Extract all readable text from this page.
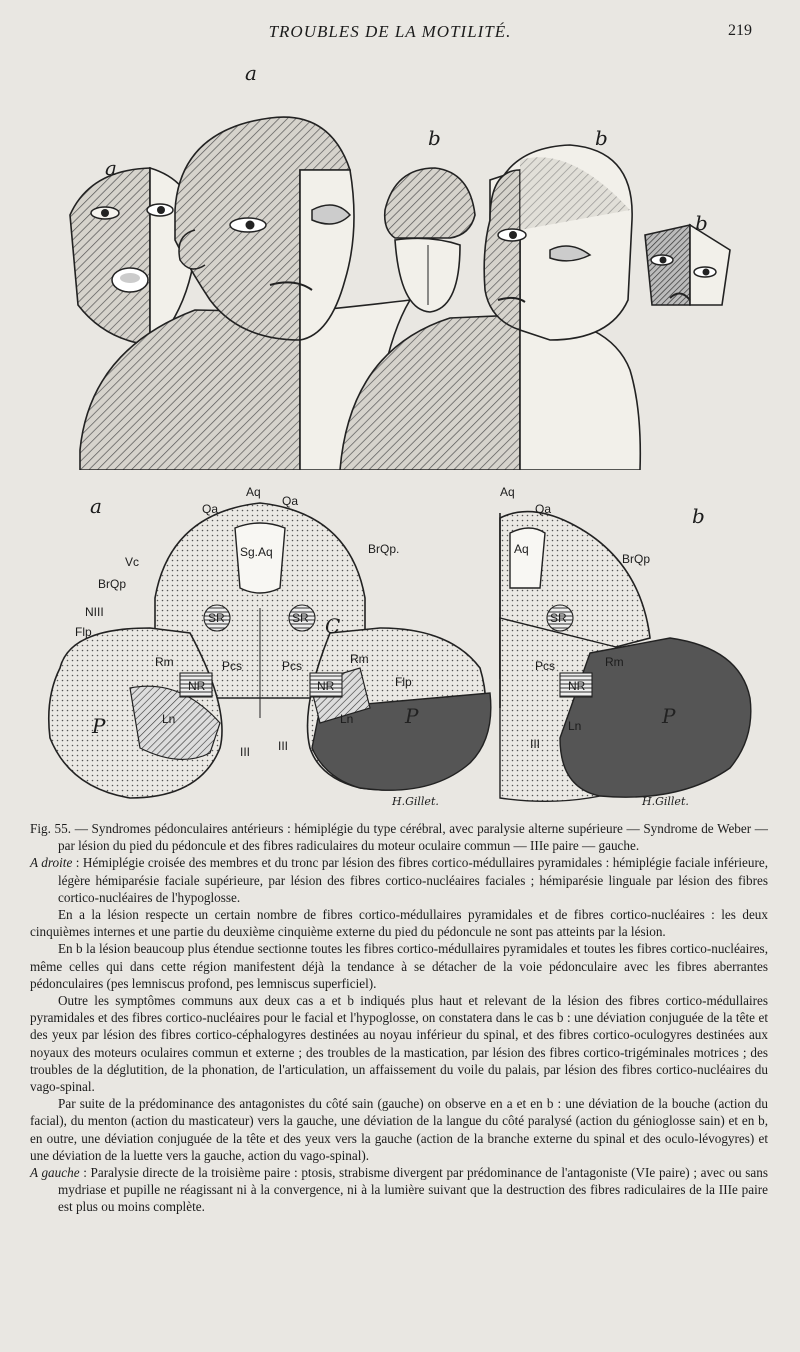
TROUBLES DE LA MOTILITÉ.	219
a
a
b	b
b
a	b
Aq
Qa
Qa
Sg.Aq	BrQp.
Vc
BrQp
NIII
Flp
SR	SR C
Rm	Pcs	Pcs	Rm
NR	NR	Flp
P	Ln	Ln	P
III III
H.Gillet.
Aq
Qa
Aq
BrQp
SR
Pcs	Rm
NR
Ln	P
III
H.Gillet.

Fig. 55. — Syndromes pédonculaires antérieurs : hémiplégie du type cérébral, avec paralysie alterne supérieure — Syndrome de Weber — par lésion du pied du pédoncule et des fibres radiculaires du moteur oculaire commun — IIIe paire — gauche.

A droite : Hémiplégie croisée des membres et du tronc par lésion des fibres cortico-médullaires pyramidales : hémiplégie faciale inférieure, légère hémiparésie faciale supérieure, par lésion des fibres cortico-nucléaires faciales ; hémiparésie linguale par lésion des fibres cortico-nucléaires de l'hypoglosse.

En a la lésion respecte un certain nombre de fibres cortico-médullaires pyramidales et de fibres cortico-nucléaires : les deux cinquièmes internes et une partie du deuxième cinquième externe du pied du pédoncule ne sont pas atteints par la lésion.

En b la lésion beaucoup plus étendue sectionne toutes les fibres cortico-médullaires pyramidales et toutes les fibres cortico-nucléaires, même celles qui dans cette région manifestent déjà la tendance à se détacher de la voie pédonculaire avec les fibres aberrantes pédonculaires (pes lemniscus profond, pes lemniscus superficiel).

Outre les symptômes communs aux deux cas a et b indiqués plus haut et relevant de la lésion des fibres cortico-médullaires pyramidales et des fibres cortico-nucléaires pour le facial et l'hypoglosse, on constatera dans le cas b : une déviation conjuguée de la tête et des yeux par lésion des fibres cortico-céphalogyres destinées au noyau inférieur du spinal, et des fibres cortico-oculogyres destinées aux noyaux des moteurs oculaires commun et externe ; des troubles de la mastication, par lésion des fibres cortico-trigéminales motrices ; des troubles de la déglutition, de la phonation, de l'articulation, un affaissement du voile du palais, par lésion des fibres cortico-nucléaires du vago-spinal.

Par suite de la prédominance des antagonistes du côté sain (gauche) on observe en a et en b : une déviation de la bouche (action du facial), du menton (action du masticateur) vers la gauche, une déviation de la langue du côté paralysé (action du génioglosse sain) et en b, en outre, une déviation conjuguée de la tête et des yeux vers la gauche (action de la branche externe du spinal et des oculo-lévogyres) et une déviation de la luette vers la gauche, action du vago-spinal).

A gauche : Paralysie directe de la troisième paire : ptosis, strabisme divergent par prédominance de l'antagoniste (VIe paire) ; avec ou sans mydriase et pupille ne réagissant ni à la convergence, ni à la lumière suivant que la destruction des fibres radiculaires de la IIIe paire est plus ou moins complète.
